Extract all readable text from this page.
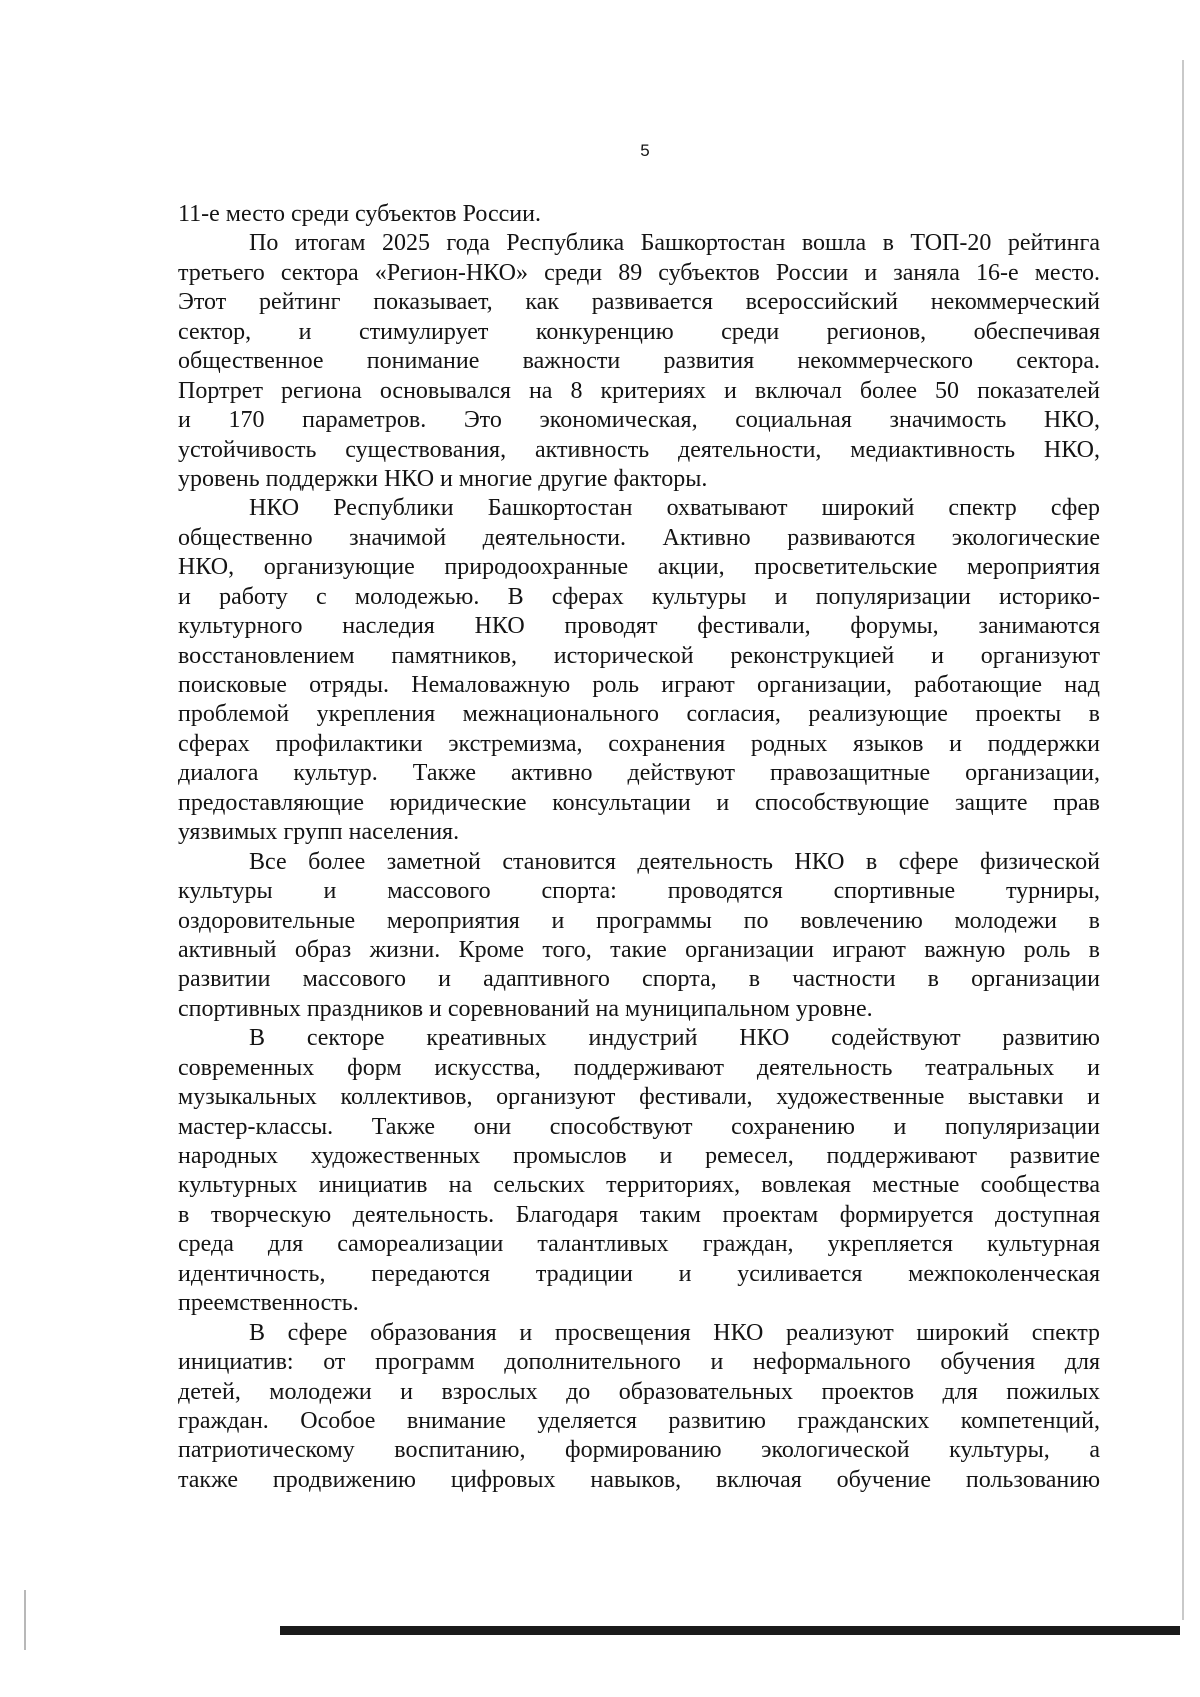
5
11-е место среди субъектов России.
По итогам 2025 года Республика Башкортостан вошла в ТОП-20 рейтинга
третьего сектора «Регион-НКО» среди 89 субъектов России и заняла 16-е место.
Этот рейтинг показывает, как развивается всероссийский некоммерческий
сектор, и стимулирует конкуренцию среди регионов, обеспечивая
общественное понимание важности развития некоммерческого сектора.
Портрет региона основывался на 8 критериях и включал более 50 показателей
и 170 параметров. Это экономическая, социальная значимость НКО,
устойчивость существования, активность деятельности, медиактивность НКО,
уровень поддержки НКО и многие другие факторы.
НКО Республики Башкортостан охватывают широкий спектр сфер
общественно значимой деятельности. Активно развиваются экологические
НКО, организующие природоохранные акции, просветительские мероприятия
и работу с молодежью. В сферах культуры и популяризации историко-
культурного наследия НКО проводят фестивали, форумы, занимаются
восстановлением памятников, исторической реконструкцией и организуют
поисковые отряды. Немаловажную роль играют организации, работающие над
проблемой укрепления межнационального согласия, реализующие проекты в
сферах профилактики экстремизма, сохранения родных языков и поддержки
диалога культур. Также активно действуют правозащитные организации,
предоставляющие юридические консультации и способствующие защите прав
уязвимых групп населения.
Все более заметной становится деятельность НКО в сфере физической
культуры и массового спорта: проводятся спортивные турниры,
оздоровительные мероприятия и программы по вовлечению молодежи в
активный образ жизни. Кроме того, такие организации играют важную роль в
развитии массового и адаптивного спорта, в частности в организации
спортивных праздников и соревнований на муниципальном уровне.
В секторе креативных индустрий НКО содействуют развитию
современных форм искусства, поддерживают деятельность театральных и
музыкальных коллективов, организуют фестивали, художественные выставки и
мастер-классы. Также они способствуют сохранению и популяризации
народных художественных промыслов и ремесел, поддерживают развитие
культурных инициатив на сельских территориях, вовлекая местные сообщества
в творческую деятельность. Благодаря таким проектам формируется доступная
среда для самореализации талантливых граждан, укрепляется культурная
идентичность, передаются традиции и усиливается межпоколенческая
преемственность.
В сфере образования и просвещения НКО реализуют широкий спектр
инициатив: от программ дополнительного и неформального обучения для
детей, молодежи и взрослых до образовательных проектов для пожилых
граждан. Особое внимание уделяется развитию гражданских компетенций,
патриотическому воспитанию, формированию экологической культуры, а
также продвижению цифровых навыков, включая обучение пользованию
